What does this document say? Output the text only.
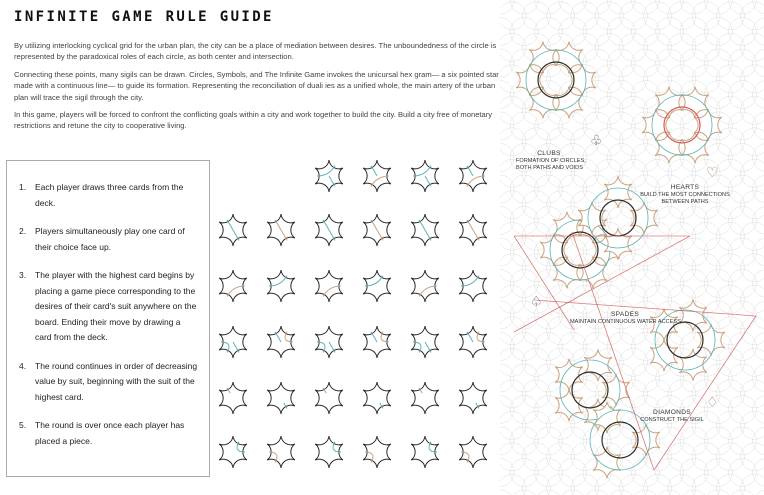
INFINITE GAME RULE GUIDE

By utilizing interlocking cyclical grid for the urban plan, the city can be a place of mediation between desires. The unboundedness of the circle is represented by the paradoxical roles of each circle, as both center and intersection.

Connecting these points, many sigils can be drawn. Circles, Symbols, and The Infinite Game invokes the unicursal hex gram— a six pointed star made with a continuous line— to guide its formation. Representing the reconciliation of duali ies as a unified whole, the main artery of the urban plan will trace the sigil through the city.

In this game, players will be forced to confront the conflicting goals within a city and work together to build the city. Build a city free of monetary restrictions and retune the city to cooperative living.

1.	Each player draws three cards from the deck.
2.	Players simultaneously play one card of their choice face up.
3.	The player with the highest card begins by placing a game piece corresponding to the desires of their card's suit anywhere on the board. Ending their move by drawing a card from the deck.
4.	The round continues in order of decreasing value by suit, beginning with the suit of the highest card.
5.	The round is over once each player has placed a piece.
CLUBS
FORMATION OF CIRCLES,
BOTH PATHS AND VOIDS
♧
HEARTS
BUILD THE MOST CONNECTIONS
BETWEEN PATHS
♡
SPADES
MAINTAIN CONTINUOUS WATER ACCESS
♤
DIAMONDS
CONSTRUCT THE SIGIL
♢
